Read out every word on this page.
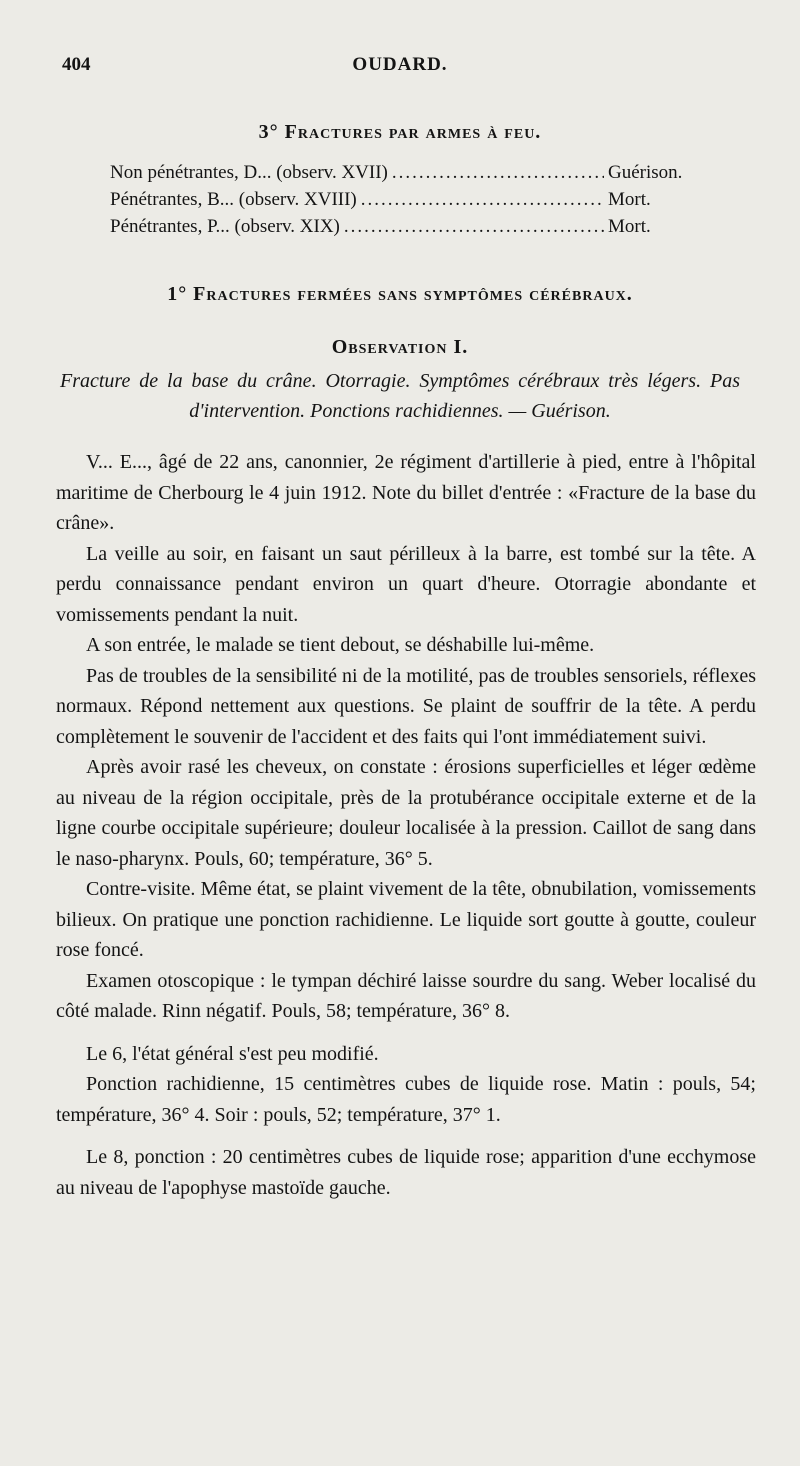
404	OUDARD.
3° Fractures par armes à feu.
Non pénétrantes, D... (observ. XVII) .....	Guérison.
Pénétrantes, B... (observ. XVIII) .....	Mort.
Pénétrantes, P... (observ. XIX) .....	Mort.
1° Fractures fermées sans symptômes cérébraux.
Observation I.
Fracture de la base du crâne. Otorragie. Symptômes cérébraux très légers. Pas d'intervention. Ponctions rachidiennes. — Guérison.

V... E..., âgé de 22 ans, canonnier, 2e régiment d'artillerie à pied, entre à l'hôpital maritime de Cherbourg le 4 juin 1912. Note du billet d'entrée : «Fracture de la base du crâne».

La veille au soir, en faisant un saut périlleux à la barre, est tombé sur la tête. A perdu connaissance pendant environ un quart d'heure. Otorragie abondante et vomissements pendant la nuit.

A son entrée, le malade se tient debout, se déshabille lui-même.

Pas de troubles de la sensibilité ni de la motilité, pas de troubles sensoriels, réflexes normaux. Répond nettement aux questions. Se plaint de souffrir de la tête. A perdu complètement le souvenir de l'accident et des faits qui l'ont immédiatement suivi.

Après avoir rasé les cheveux, on constate : érosions superficielles et léger œdème au niveau de la région occipitale, près de la protubérance occipitale externe et de la ligne courbe occipitale supérieure; douleur localisée à la pression. Caillot de sang dans le naso-pharynx. Pouls, 60; température, 36° 5.

Contre-visite. Même état, se plaint vivement de la tête, obnubilation, vomissements bilieux. On pratique une ponction rachidienne. Le liquide sort goutte à goutte, couleur rose foncé.

Examen otoscopique : le tympan déchiré laisse sourdre du sang. Weber localisé du côté malade. Rinn négatif. Pouls, 58; température, 36° 8.

Le 6, l'état général s'est peu modifié.

Ponction rachidienne, 15 centimètres cubes de liquide rose. Matin : pouls, 54; température, 36° 4. Soir : pouls, 52; température, 37° 1.

Le 8, ponction : 20 centimètres cubes de liquide rose; apparition d'une ecchymose au niveau de l'apophyse mastoïde gauche.
